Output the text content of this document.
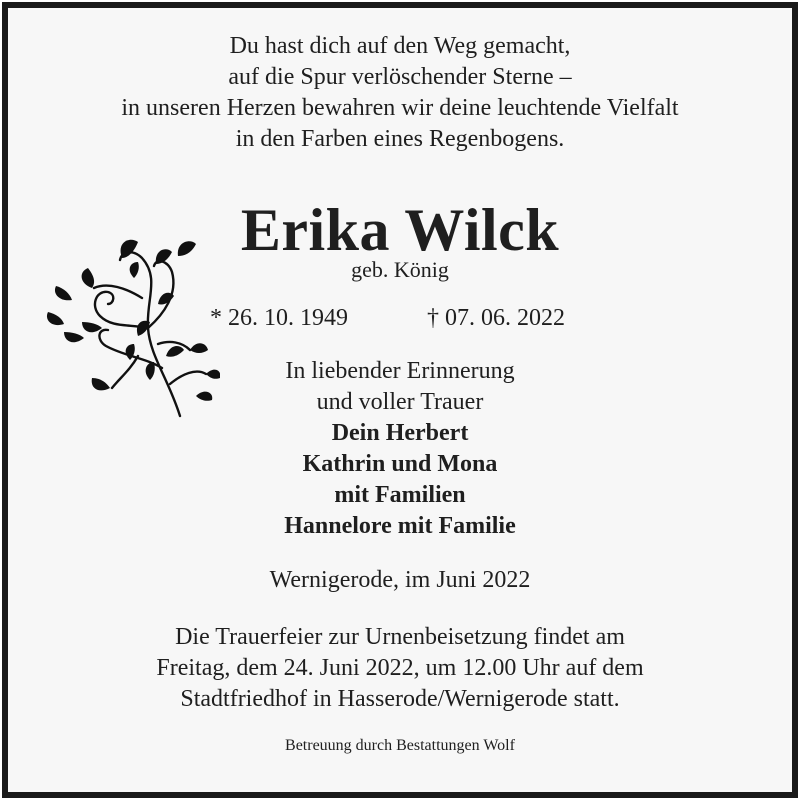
Du hast dich auf den Weg gemacht,
auf die Spur verlöschender Sterne –
in unseren Herzen bewahren wir deine leuchtende Vielfalt
in den Farben eines Regenbogens.
Erika Wilck
geb. König
* 26. 10. 1949	† 07. 06. 2022
In liebender Erinnerung
und voller Trauer
Dein Herbert
Kathrin und Mona
mit Familien
Hannelore mit Familie
Wernigerode, im Juni 2022
Die Trauerfeier zur Urnenbeisetzung findet am
Freitag, dem 24. Juni 2022, um 12.00 Uhr auf dem
Stadtfriedhof in Hasserode/Wernigerode statt.
Betreuung durch Bestattungen Wolf
